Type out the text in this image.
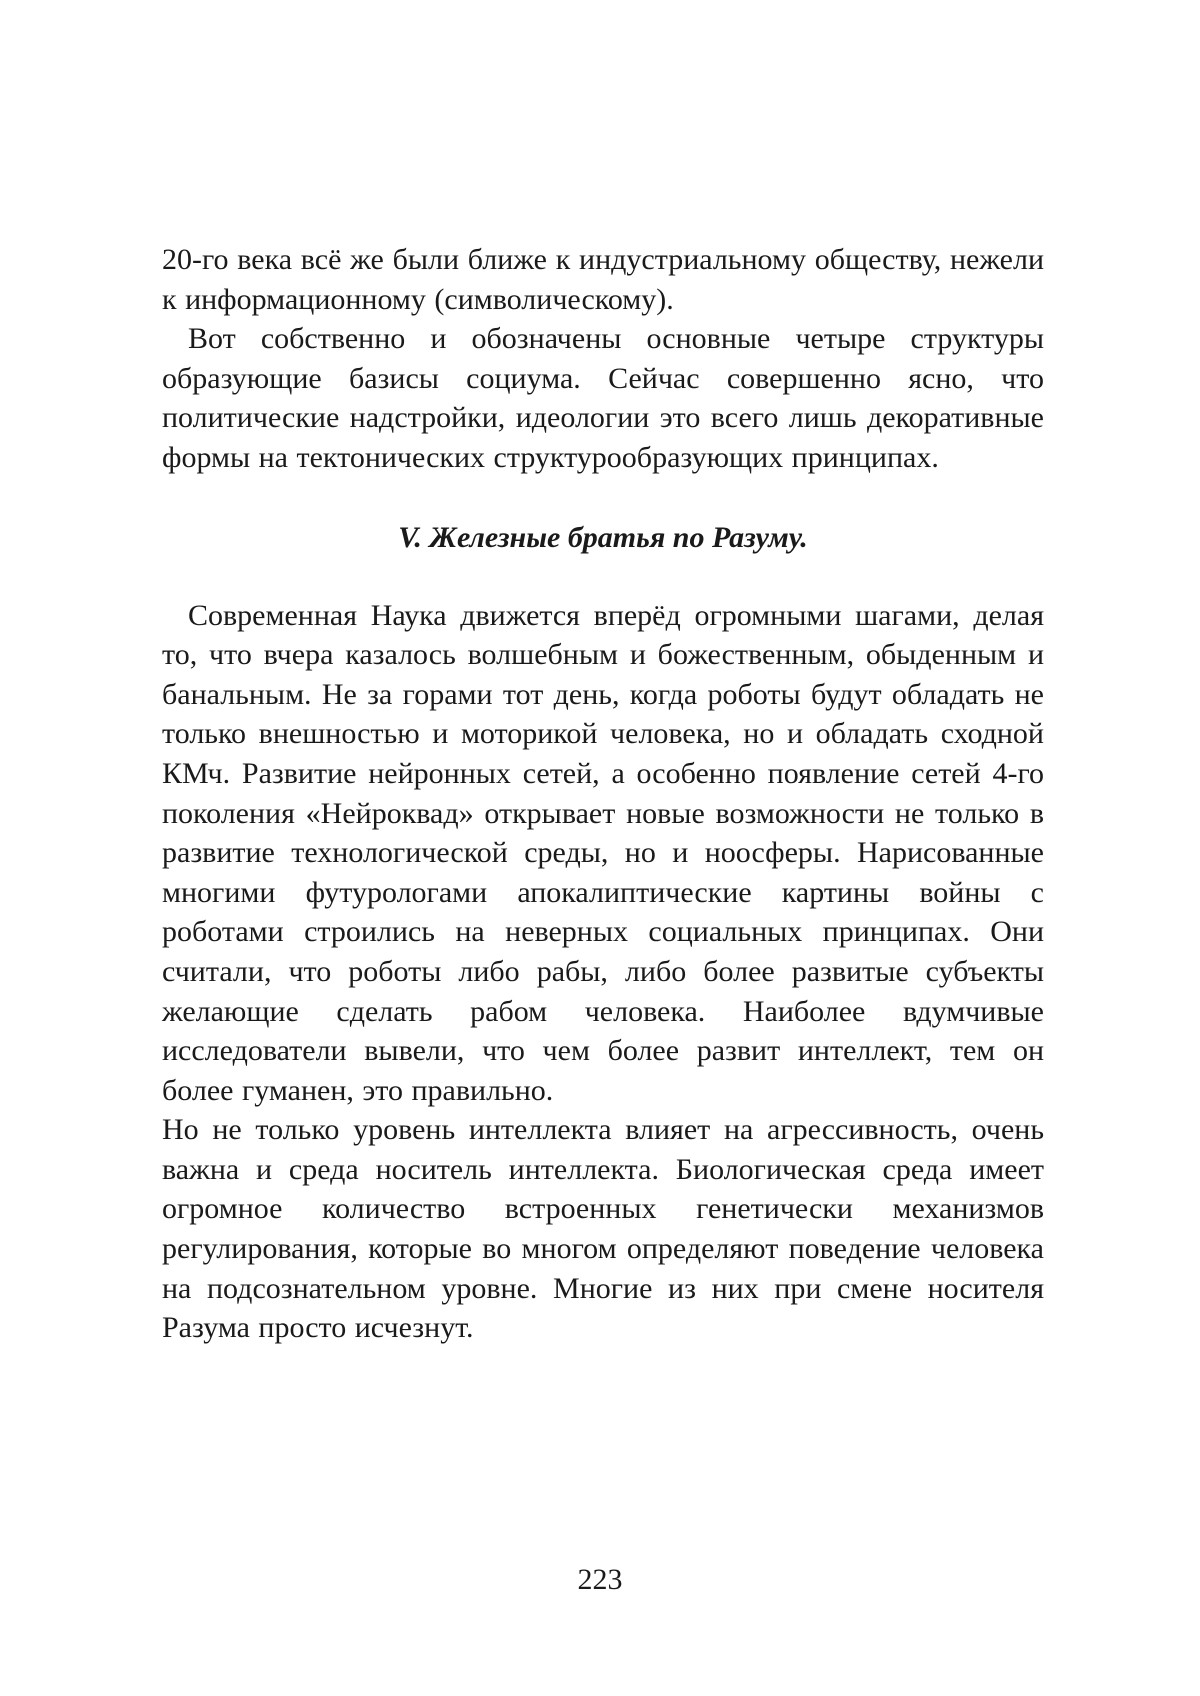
20-го века всё же были ближе к индустриальному обществу, нежели к информационному (символическому).

Вот собственно и обозначены основные четыре структуры образующие базисы социума. Сейчас совершенно ясно, что политические надстройки, идеологии это всего лишь декоративные формы на тектонических структурообразующих принципах.

V. Железные братья по Разуму.

Современная Наука движется вперёд огромными шагами, делая то, что вчера казалось волшебным и божественным, обыденным и банальным. Не за горами тот день, когда роботы будут обладать не только внешностью и моторикой человека, но и обладать сходной КМч. Развитие нейронных сетей, а особенно появление сетей 4-го поколения «Нейроквад» открывает новые возможности не только в развитие технологической среды, но и ноосферы. Нарисованные многими футурологами апокалиптические картины войны с роботами строились на неверных социальных принципах. Они считали, что роботы либо рабы, либо более развитые субъекты желающие сделать рабом человека. Наиболее вдумчивые исследователи вывели, что чем более развит интеллект, тем он более гуманен, это правильно.

Но не только уровень интеллекта влияет на агрессивность, очень важна и среда носитель интеллекта. Биологическая среда имеет огромное количество встроенных генетически механизмов регулирования, которые во многом определяют поведение человека на подсознательном уровне. Многие из них при смене носителя Разума просто исчезнут.

223
